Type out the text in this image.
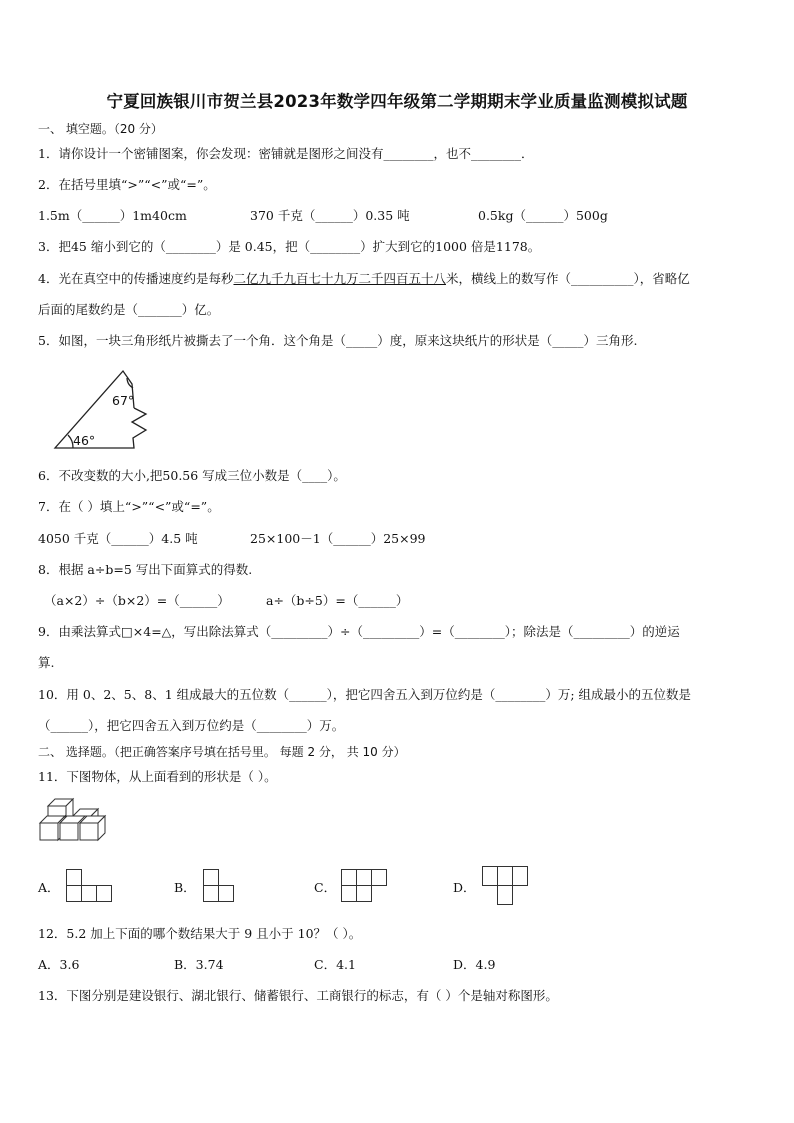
宁夏回族银川市贺兰县2023年数学四年级第二学期期末学业质量监测模拟试题
一、 填空题。（20 分）
1．请你设计一个密铺图案，你会发现：密铺就是图形之间没有________，也不________．
2．在括号里填“>”“<”或“=”。
1.5m（______）1m40cm	370 千克（______）0.35 吨	0.5kg（______）500g
3．把45 缩小到它的（________）是 0.45，把（________）扩大到它的1000 倍是1178。
4．光在真空中的传播速度约是每秒二亿九千九百七十九万二千四百五十八米，横线上的数写作（__________），省略亿
后面的尾数约是（_______）亿。
5．如图，一块三角形纸片被撕去了一个角．这个角是（_____）度，原来这块纸片的形状是（_____）三角形.
67°
46°
6．不改变数的大小,把50.56 写成三位小数是（____）。
7．在（ ）填上“>”“<”或“=”。
4050 千克（______）4.5 吨	25×100－1（______）25×99
8．根据 a÷b=5 写出下面算式的得数.
（a×2）÷（b×2）=（______）	a÷（b÷5）=（______）
9．由乘法算式□×4=△，写出除法算式（_________）÷（_________）=（________）；除法是（_________）的逆运
算.
10．用 0、2、5、8、1 组成最大的五位数（______），把它四舍五入到万位约是（________）万; 组成最小的五位数是
（______），把它四舍五入到万位约是（________）万。
二、 选择题。（把正确答案序号填在括号里。 每题 2 分， 共 10 分）
11．下图物体，从上面看到的形状是（ ）。
A．	B．	C．	D．
12．5.2 加上下面的哪个数结果大于 9 且小于 10？（ ）。
A．3.6	B．3.74	C．4.1	D．4.9
13．下图分别是建设银行、湖北银行、储蓄银行、工商银行的标志，有（ ）个是轴对称图形。
